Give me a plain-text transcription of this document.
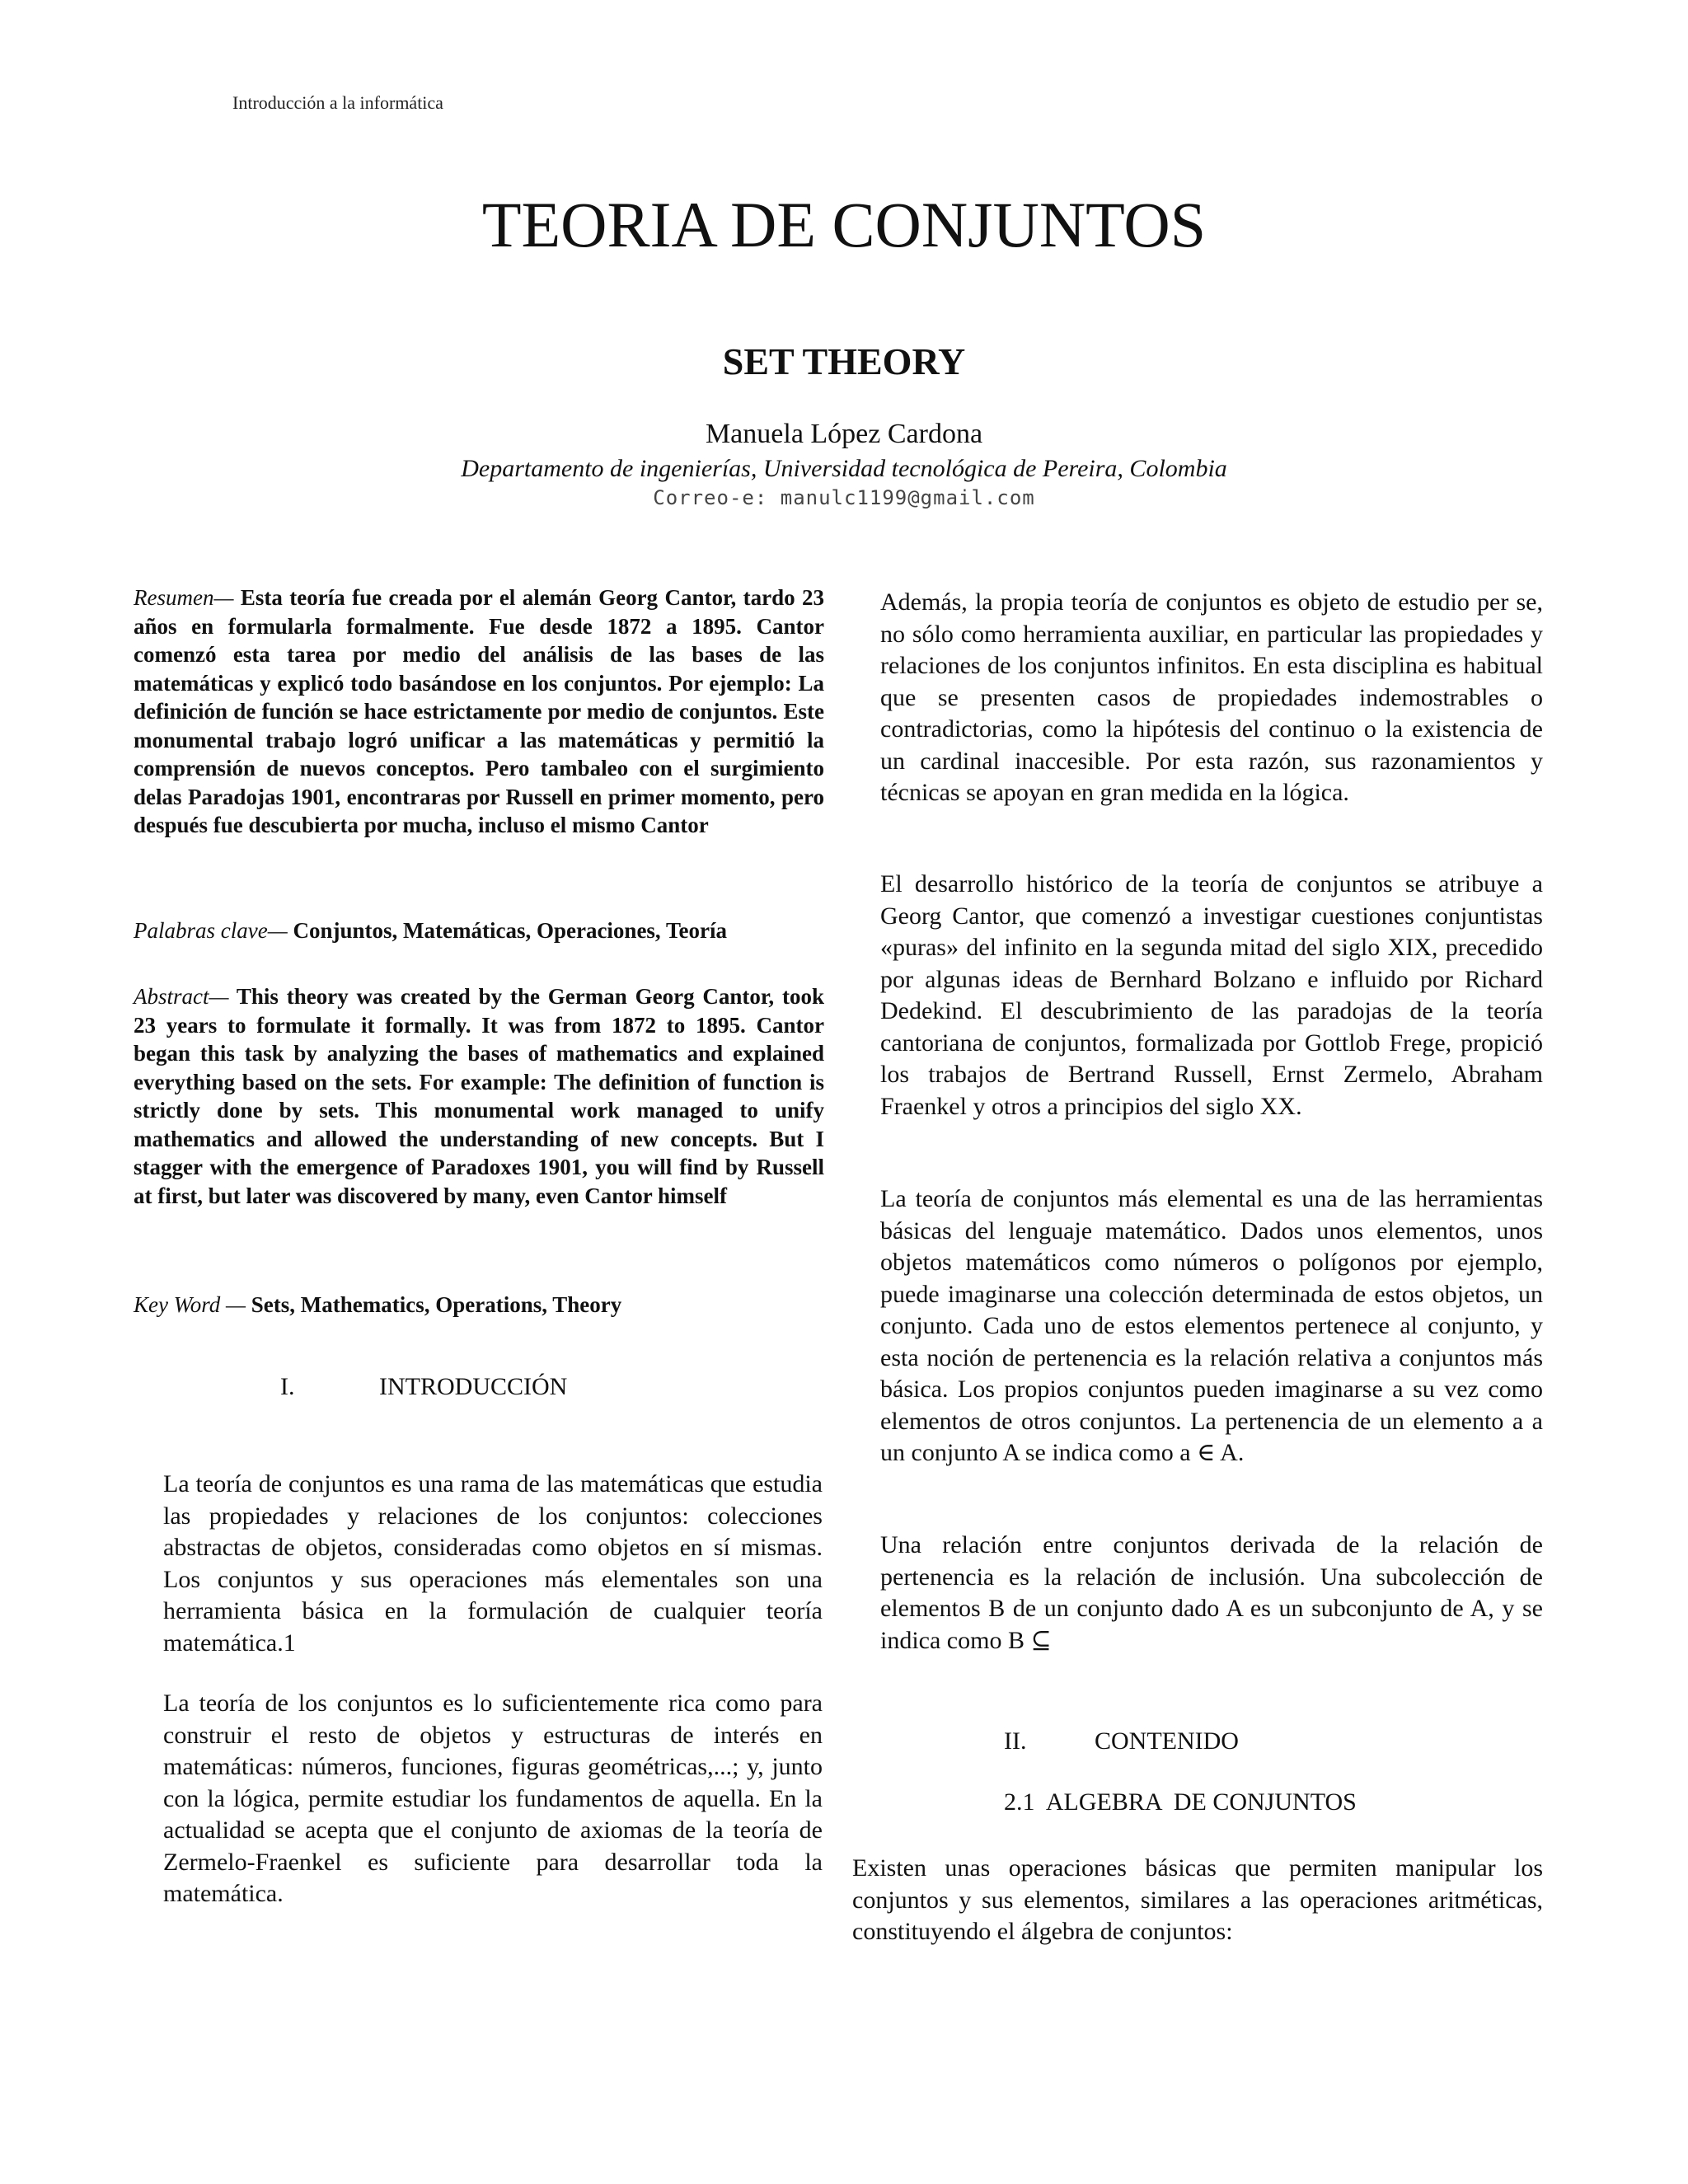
Introducción a la informática
TEORIA DE CONJUNTOS
SET THEORY
Manuela López Cardona
Departamento de ingenierías, Universidad tecnológica de Pereira, Colombia
Correo-e: manulc1199@gmail.com

Resumen— Esta teoría fue creada por el alemán Georg Cantor, tardo 23 años en formularla formalmente. Fue desde 1872 a 1895. Cantor comenzó esta tarea por medio del análisis de las bases de las matemáticas y explicó todo basándose en los conjuntos. Por ejemplo: La definición de función se hace estrictamente por medio de conjuntos. Este monumental trabajo logró unificar a las matemáticas y permitió la comprensión de nuevos conceptos. Pero tambaleo con el surgimiento delas Paradojas 1901, encontraras por Russell en primer momento, pero después fue descubierta por mucha, incluso el mismo Cantor

Palabras clave— Conjuntos, Matemáticas, Operaciones, Teoría

Abstract— This theory was created by the German Georg Cantor, took 23 years to formulate it formally. It was from 1872 to 1895. Cantor began this task by analyzing the bases of mathematics and explained everything based on the sets. For example: The definition of function is strictly done by sets. This monumental work managed to unify mathematics and allowed the understanding of new concepts. But I stagger with the emergence of Paradoxes 1901, you will find by Russell at first, but later was discovered by many, even Cantor himself

Key Word — Sets, Mathematics, Operations, Theory

I.	INTRODUCCIÓN

La teoría de conjuntos es una rama de las matemáticas que estudia las propiedades y relaciones de los conjuntos: colecciones abstractas de objetos, consideradas como objetos en sí mismas. Los conjuntos y sus operaciones más elementales son una herramienta básica en la formulación de cualquier teoría matemática.1

La teoría de los conjuntos es lo suficientemente rica como para construir el resto de objetos y estructuras de interés en matemáticas: números, funciones, figuras geométricas,...; y, junto con la lógica, permite estudiar los fundamentos de aquella. En la actualidad se acepta que el conjunto de axiomas de la teoría de Zermelo-Fraenkel es suficiente para desarrollar toda la matemática.

Además, la propia teoría de conjuntos es objeto de estudio per se, no sólo como herramienta auxiliar, en particular las propiedades y relaciones de los conjuntos infinitos. En esta disciplina es habitual que se presenten casos de propiedades indemostrables o contradictorias, como la hipótesis del continuo o la existencia de un cardinal inaccesible. Por esta razón, sus razonamientos y técnicas se apoyan en gran medida en la lógica.

El desarrollo histórico de la teoría de conjuntos se atribuye a Georg Cantor, que comenzó a investigar cuestiones conjuntistas «puras» del infinito en la segunda mitad del siglo XIX, precedido por algunas ideas de Bernhard Bolzano e influido por Richard Dedekind. El descubrimiento de las paradojas de la teoría cantoriana de conjuntos, formalizada por Gottlob Frege, propició los trabajos de Bertrand Russell, Ernst Zermelo, Abraham Fraenkel y otros a principios del siglo XX.

La teoría de conjuntos más elemental es una de las herramientas básicas del lenguaje matemático. Dados unos elementos, unos objetos matemáticos como números o polígonos por ejemplo, puede imaginarse una colección determinada de estos objetos, un conjunto. Cada uno de estos elementos pertenece al conjunto, y esta noción de pertenencia es la relación relativa a conjuntos más básica. Los propios conjuntos pueden imaginarse a su vez como elementos de otros conjuntos. La pertenencia de un elemento a a un conjunto A se indica como a ∈ A.

Una relación entre conjuntos derivada de la relación de pertenencia es la relación de inclusión. Una subcolección de elementos B de un conjunto dado A es un subconjunto de A, y se indica como B ⊆

II.	CONTENIDO
2.1  ALGEBRA  DE CONJUNTOS

Existen unas operaciones básicas que permiten manipular los conjuntos y sus elementos, similares a las operaciones aritméticas, constituyendo el álgebra de conjuntos:
